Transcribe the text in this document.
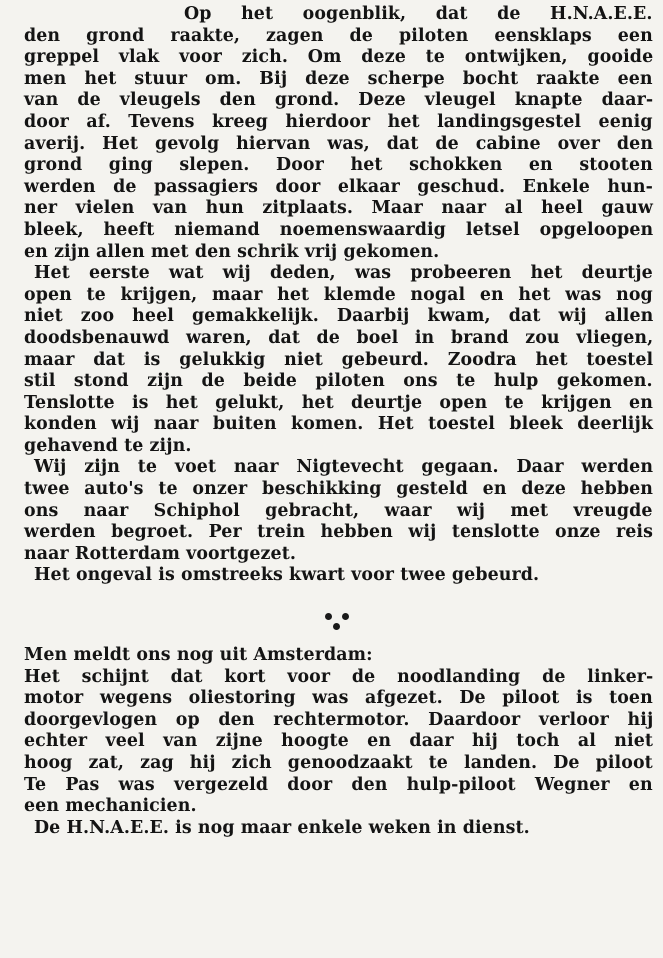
Op het oogenblik, dat de H.N.A.E.E.
den grond raakte, zagen de piloten eensklaps een
greppel vlak voor zich. Om deze te ontwijken, gooide
men het stuur om. Bij deze scherpe bocht raakte een
van de vleugels den grond. Deze vleugel knapte daar-
door af. Tevens kreeg hierdoor het landingsgestel eenig
averij. Het gevolg hiervan was, dat de cabine over den
grond ging slepen. Door het schokken en stooten
werden de passagiers door elkaar geschud. Enkele hun-
ner vielen van hun zitplaats. Maar naar al heel gauw
bleek, heeft niemand noemenswaardig letsel opgeloopen
en zijn allen met den schrik vrij gekomen.

Het eerste wat wij deden, was probeeren het deurtje
open te krijgen, maar het klemde nogal en het was nog
niet zoo heel gemakkelijk. Daarbij kwam, dat wij allen
doodsbenauwd waren, dat de boel in brand zou vliegen,
maar dat is gelukkig niet gebeurd. Zoodra het toestel
stil stond zijn de beide piloten ons te hulp gekomen.
Tenslotte is het gelukt, het deurtje open te krijgen en
konden wij naar buiten komen. Het toestel bleek deerlijk
gehavend te zijn.

Wij zijn te voet naar Nigtevecht gegaan. Daar werden
twee auto's te onzer beschikking gesteld en deze hebben
ons naar Schiphol gebracht, waar wij met vreugde
werden begroet. Per trein hebben wij tenslotte onze reis
naar Rotterdam voortgezet.

Het ongeval is omstreeks kwart voor twee gebeurd.

Men meldt ons nog uit Amsterdam:

Het schijnt dat kort voor de noodlanding de linker-
motor wegens oliestoring was afgezet. De piloot is toen
doorgevlogen op den rechtermotor. Daardoor verloor hij
echter veel van zijne hoogte en daar hij toch al niet
hoog zat, zag hij zich genoodzaakt te landen. De piloot
Te Pas was vergezeld door den hulp-piloot Wegner en
een mechanicien.

De H.N.A.E.E. is nog maar enkele weken in dienst.
